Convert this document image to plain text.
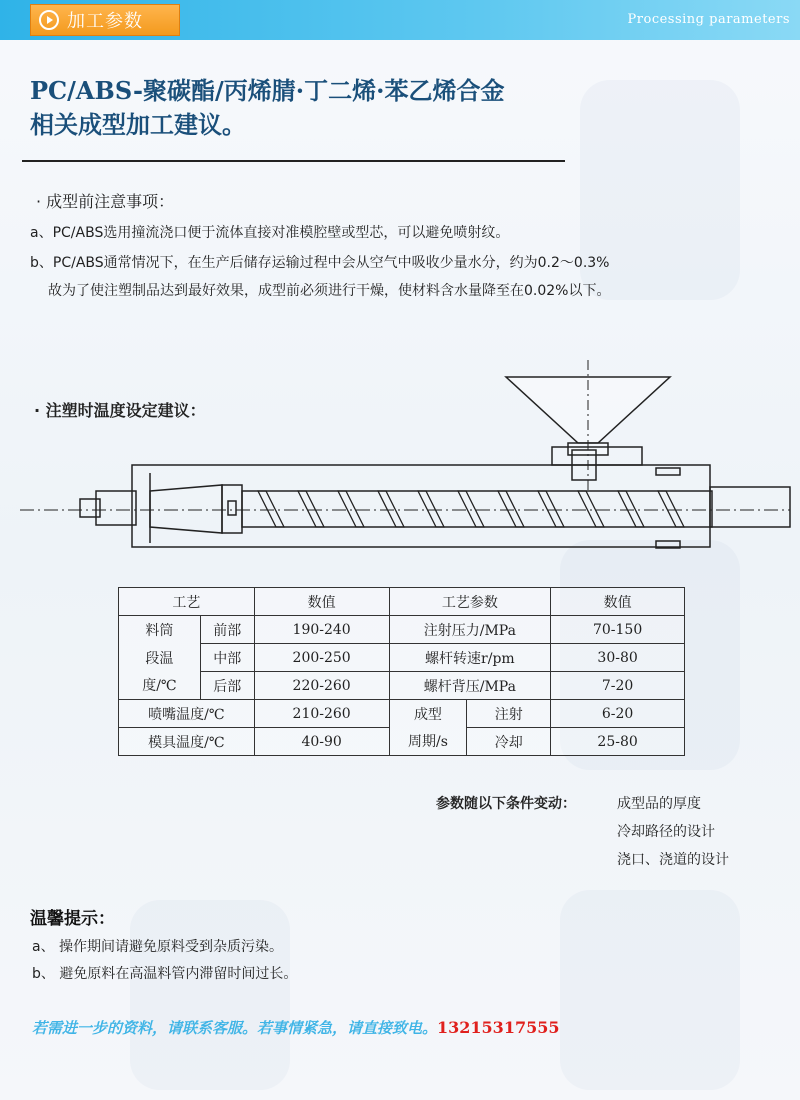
加工参数	Processing parameters
PC/ABS-聚碳酯/丙烯腈·丁二烯·苯乙烯合金
相关成型加工建议。
· 成型前注意事项：
a、PC/ABS选用撞流浇口便于流体直接对准模腔壁或型芯，可以避免喷射纹。
b、PC/ABS通常情况下，在生产后储存运输过程中会从空气中吸收少量水分，约为0.2～0.3%
故为了使注塑制品达到最好效果，成型前必须进行干燥，使材料含水量降至在0.02%以下。
· 注塑时温度设定建议：
工艺		数值	工艺参数		数值
料筒	前部	190-240	注射压力/MPa		70-150
段温	中部	200-250	螺杆转速r/pm		30-80
度/℃	后部	220-260	螺杆背压/MPa		7-20
喷嘴温度/℃		210-260	成型	注射	6-20
模具温度/℃		40-90	周期/s	冷却	25-80
参数随以下条件变动：	成型品的厚度
冷却路径的设计
浇口、浇道的设计
温馨提示：
a、 操作期间请避免原料受到杂质污染。
b、 避免原料在高温料管内滞留时间过长。
若需进一步的资料，请联系客服。若事情紧急，请直接致电。13215317555
